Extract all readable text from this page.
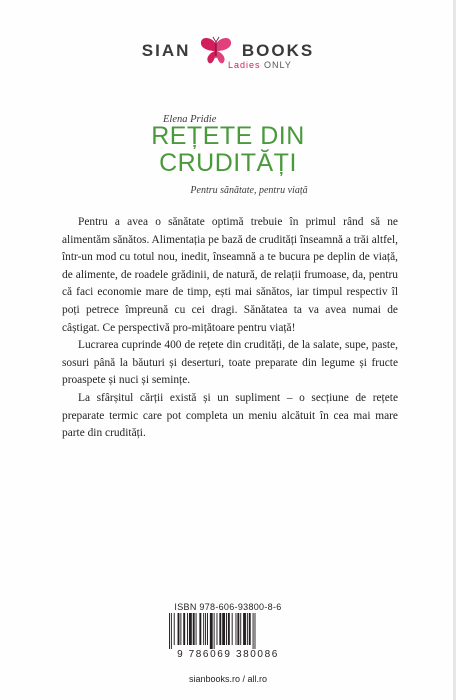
SIAN	BOOKS
Ladies ONLY
Elena Pridie
REȚETE DIN
CRUDITĂȚI
Pentru sănătate, pentru viață

Pentru a avea o sănătate optimă trebuie în primul rând să ne alimentăm sănătos. Alimentația pe bază de crudități înseamnă a trăi altfel, într-un mod cu totul nou, inedit, înseamnă a te bucura pe deplin de viață, de alimente, de roadele grădinii, de natură, de relații frumoase, da, pentru că faci economie mare de timp, ești mai sănătos, iar timpul respectiv îl poți petrece împreună cu cei dragi. Sănătatea ta va avea numai de câștigat. Ce perspectivă pro-mițătoare pentru viață!

Lucrarea cuprinde 400 de rețete din crudități, de la salate, supe, paste, sosuri până la băuturi și deserturi, toate preparate din legume și fructe proaspete și nuci și semințe.

La sfârșitul cărții există și un supliment – o secțiune de rețete preparate termic care pot completa un meniu alcătuit în cea mai mare parte din crudități.

ISBN 978-606-93800-8-6
9 786069 380086
sianbooks.ro / all.ro
